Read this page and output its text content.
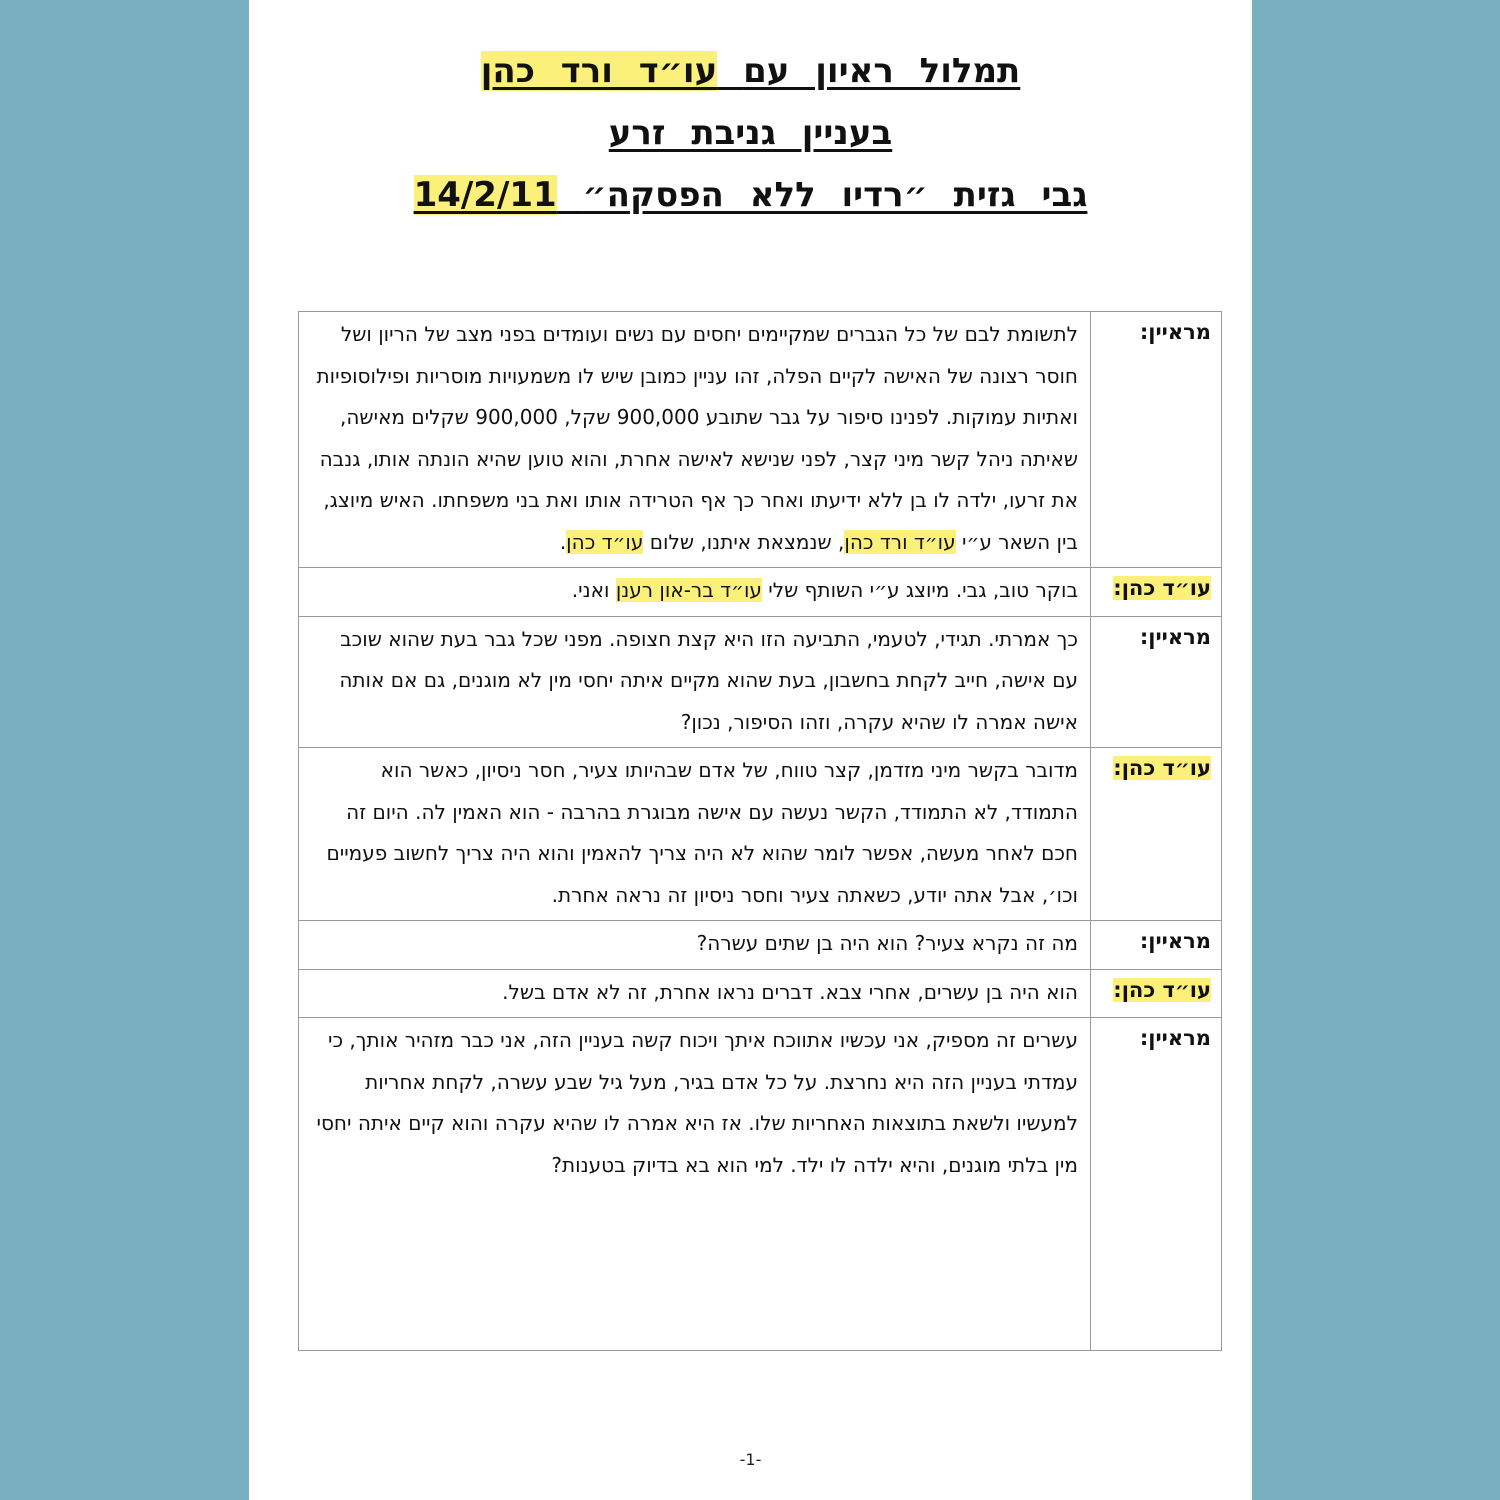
תמלול ראיון עם עו״ד ורד כהן
בעניין גניבת זרע
גבי גזית ״רדיו ללא הפסקה״ 14/2/11
מראיין:	לתשומת לבם של כל הגברים שמקיימים יחסים עם נשים ועומדים בפני מצב של הריון ושל חוסר רצונה של האישה לקיים הפלה, זהו עניין כמובן שיש לו משמעויות מוסריות ופילוסופיות ואתיות עמוקות. לפנינו סיפור על גבר שתובע 900,000 שקל, 900,000 שקלים מאישה, שאיתה ניהל קשר מיני קצר, לפני שנישא לאישה אחרת, והוא טוען שהיא הונתה אותו, גנבה את זרעו, ילדה לו בן ללא ידיעתו ואחר כך אף הטרידה אותו ואת בני משפחתו. האיש מיוצג, בין השאר ע״י עו״ד ורד כהן, שנמצאת איתנו, שלום עו״ד כהן.
עו״ד כהן:	בוקר טוב, גבי. מיוצג ע״י השותף שלי עו״ד בר-און רענן ואני.
מראיין:	כך אמרתי. תגידי, לטעמי, התביעה הזו היא קצת חצופה. מפני שכל גבר בעת שהוא שוכב עם אישה, חייב לקחת בחשבון, בעת שהוא מקיים איתה יחסי מין לא מוגנים, גם אם אותה אישה אמרה לו שהיא עקרה, וזהו הסיפור, נכון?
עו״ד כהן:	מדובר בקשר מיני מזדמן, קצר טווח, של אדם שבהיותו צעיר, חסר ניסיון, כאשר הוא התמודד, לא התמודד, הקשר נעשה עם אישה מבוגרת בהרבה - הוא האמין לה. היום זה חכם לאחר מעשה, אפשר לומר שהוא לא היה צריך להאמין והוא היה צריך לחשוב פעמיים וכו׳, אבל אתה יודע, כשאתה צעיר וחסר ניסיון זה נראה אחרת.
מראיין:	מה זה נקרא צעיר? הוא היה בן שתים עשרה?
עו״ד כהן:	הוא היה בן עשרים, אחרי צבא. דברים נראו אחרת, זה לא אדם בשל.
מראיין:	עשרים זה מספיק, אני עכשיו אתווכח איתך ויכוח קשה בעניין הזה, אני כבר מזהיר אותך, כי עמדתי בעניין הזה היא נחרצת. על כל אדם בגיר, מעל גיל שבע עשרה, לקחת אחריות למעשיו ולשאת בתוצאות האחריות שלו. אז היא אמרה לו שהיא עקרה והוא קיים איתה יחסי מין בלתי מוגנים, והיא ילדה לו ילד. למי הוא בא בדיוק בטענות?
-1-
